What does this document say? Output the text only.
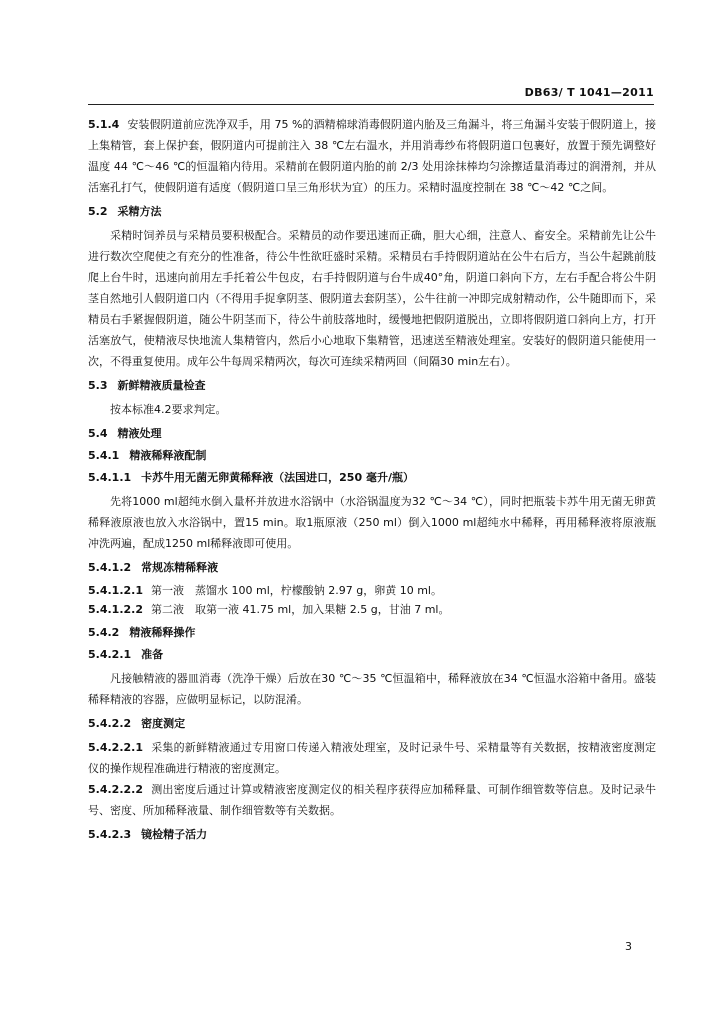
DB63/ T 1041—2011

5.1.4 安装假阴道前应洗净双手，用 75 %的酒精棉球消毒假阴道内胎及三角漏斗，将三角漏斗安装于假阴道上，接上集精管，套上保护套，假阴道内可提前注入 38 ℃左右温水，并用消毒纱布将假阴道口包裹好，放置于预先调整好温度 44 ℃～46 ℃的恒温箱内待用。采精前在假阴道内胎的前 2/3 处用涂抹棒均匀涂擦适量消毒过的润滑剂，并从活塞孔打气，使假阴道有适度（假阴道口呈三角形状为宜）的压力。采精时温度控制在 38 ℃～42 ℃之间。

5.2 采精方法

采精时饲养员与采精员要积极配合。采精员的动作要迅速而正确，胆大心细，注意人、畜安全。采精前先让公牛进行数次空爬使之有充分的性准备，待公牛性欲旺盛时采精。采精员右手持假阴道站在公牛右后方，当公牛起跳前肢爬上台牛时，迅速向前用左手托着公牛包皮，右手持假阴道与台牛成40°角，阴道口斜向下方，左右手配合将公牛阴茎自然地引人假阴道口内（不得用手捉拿阴茎、假阴道去套阴茎），公牛往前一冲即完成射精动作，公牛随即而下，采精员右手紧握假阴道，随公牛阴茎而下，待公牛前肢落地时，缓慢地把假阴道脱出，立即将假阴道口斜向上方，打开活塞放气，使精液尽快地流人集精管内，然后小心地取下集精管，迅速送至精液处理室。安装好的假阴道只能使用一次，不得重复使用。成年公牛每周采精两次，每次可连续采精两回（间隔30 min左右）。

5.3 新鲜精液质量检查

按本标准4.2要求判定。

5.4 精液处理
5.4.1 精液稀释液配制
5.4.1.1 卡苏牛用无菌无卵黄稀释液（法国进口，250 毫升/瓶）

先将1000 ml超纯水倒入量杯并放进水浴锅中（水浴锅温度为32 ℃～34 ℃），同时把瓶装卡苏牛用无菌无卵黄稀释液原液也放入水浴锅中，置15 min。取1瓶原液（250 ml）倒入1000 ml超纯水中稀释，再用稀释液将原液瓶冲洗两遍，配成1250 ml稀释液即可使用。

5.4.1.2 常规冻精稀释液

5.4.1.2.1 第一液　蒸馏水 100 ml，柠檬酸钠 2.97 g，卵黄 10 ml。

5.4.1.2.2 第二液　取第一液 41.75 ml，加入果糖 2.5 g，甘油 7 ml。

5.4.2 精液稀释操作
5.4.2.1 准备

凡接触精液的器皿消毒（洗净干燥）后放在30 ℃～35 ℃恒温箱中，稀释液放在34 ℃恒温水浴箱中备用。盛装稀释精液的容器，应做明显标记，以防混淆。

5.4.2.2 密度测定

5.4.2.2.1 采集的新鲜精液通过专用窗口传递入精液处理室，及时记录牛号、采精量等有关数据，按精液密度测定仪的操作规程准确进行精液的密度测定。

5.4.2.2.2 测出密度后通过计算或精液密度测定仪的相关程序获得应加稀释量、可制作细管数等信息。及时记录牛号、密度、所加稀释液量、制作细管数等有关数据。

5.4.2.3 镜检精子活力
3
